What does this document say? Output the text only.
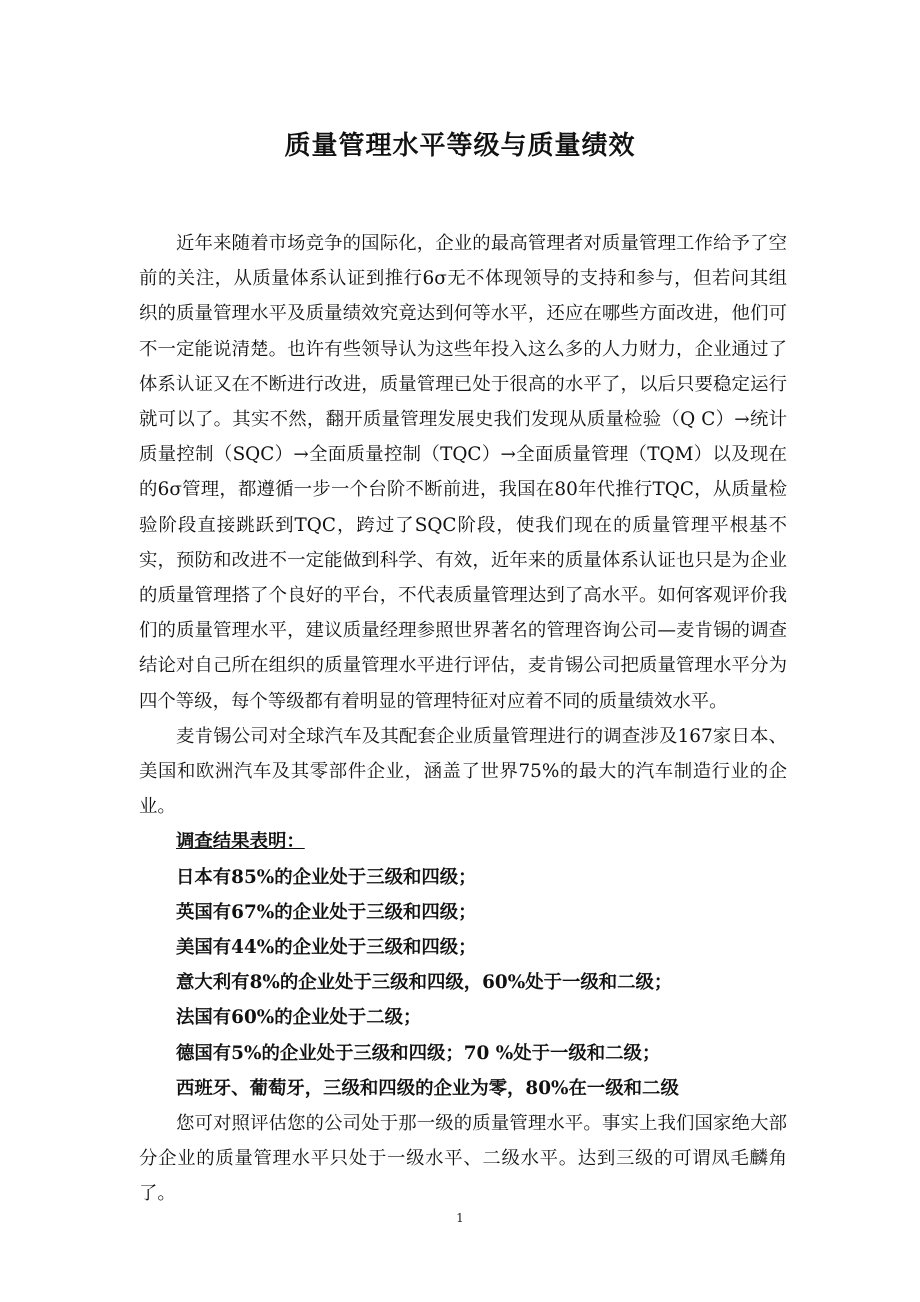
质量管理水平等级与质量绩效

近年来随着市场竞争的国际化，企业的最高管理者对质量管理工作给予了空前的关注，从质量体系认证到推行6σ无不体现领导的支持和参与，但若问其组织的质量管理水平及质量绩效究竟达到何等水平，还应在哪些方面改进，他们可不一定能说清楚。也许有些领导认为这些年投入这么多的人力财力，企业通过了体系认证又在不断进行改进，质量管理已处于很高的水平了，以后只要稳定运行就可以了。其实不然，翻开质量管理发展史我们发现从质量检验（Q C）→统计质量控制（SQC）→全面质量控制（TQC）→全面质量管理（TQM）以及现在的6σ管理，都遵循一步一个台阶不断前进，我国在80年代推行TQC，从质量检验阶段直接跳跃到TQC，跨过了SQC阶段，使我们现在的质量管理平根基不实，预防和改进不一定能做到科学、有效，近年来的质量体系认证也只是为企业的质量管理搭了个良好的平台，不代表质量管理达到了高水平。如何客观评价我们的质量管理水平，建议质量经理参照世界著名的管理咨询公司—麦肯锡的调查结论对自己所在组织的质量管理水平进行评估，麦肯锡公司把质量管理水平分为四个等级，每个等级都有着明显的管理特征对应着不同的质量绩效水平。

麦肯锡公司对全球汽车及其配套企业质量管理进行的调查涉及167家日本、美国和欧洲汽车及其零部件企业，涵盖了世界75%的最大的汽车制造行业的企业。

调查结果表明：

日本有85%的企业处于三级和四级；

英国有67%的企业处于三级和四级；

美国有44%的企业处于三级和四级；

意大利有8%的企业处于三级和四级，60%处于一级和二级；

法国有60%的企业处于二级；

德国有5%的企业处于三级和四级；70 %处于一级和二级；

西班牙、葡萄牙，三级和四级的企业为零，80%在一级和二级

您可对照评估您的公司处于那一级的质量管理水平。事实上我们国家绝大部分企业的质量管理水平只处于一级水平、二级水平。达到三级的可谓凤毛麟角了。

1
